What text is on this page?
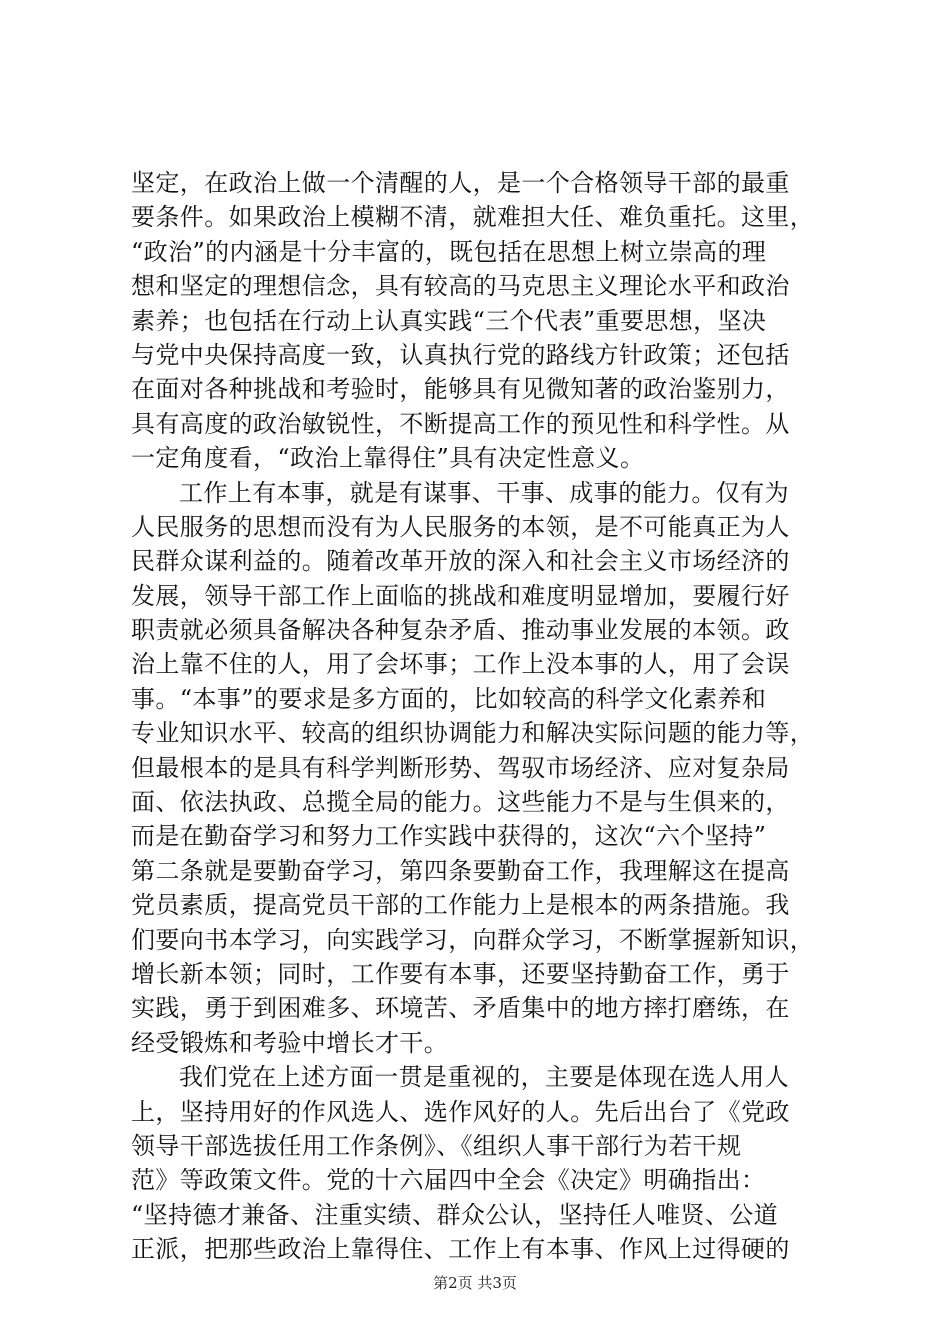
坚定，在政治上做一个清醒的人，是一个合格领导干部的最重
要条件。如果政治上模糊不清，就难担大任、难负重托。这里，
“政治”的内涵是十分丰富的，既包括在思想上树立崇高的理
想和坚定的理想信念，具有较高的马克思主义理论水平和政治
素养；也包括在行动上认真实践“三个代表”重要思想，坚决
与党中央保持高度一致，认真执行党的路线方针政策；还包括
在面对各种挑战和考验时，能够具有见微知著的政治鉴别力，
具有高度的政治敏锐性，不断提高工作的预见性和科学性。从
一定角度看，“政治上靠得住”具有决定性意义。
工作上有本事，就是有谋事、干事、成事的能力。仅有为
人民服务的思想而没有为人民服务的本领，是不可能真正为人
民群众谋利益的。随着改革开放的深入和社会主义市场经济的
发展，领导干部工作上面临的挑战和难度明显增加，要履行好
职责就必须具备解决各种复杂矛盾、推动事业发展的本领。政
治上靠不住的人，用了会坏事；工作上没本事的人，用了会误
事。“本事”的要求是多方面的，比如较高的科学文化素养和
专业知识水平、较高的组织协调能力和解决实际问题的能力等，
但最根本的是具有科学判断形势、驾驭市场经济、应对复杂局
面、依法执政、总揽全局的能力。这些能力不是与生俱来的，
而是在勤奋学习和努力工作实践中获得的，这次“六个坚持”
第二条就是要勤奋学习，第四条要勤奋工作，我理解这在提高
党员素质，提高党员干部的工作能力上是根本的两条措施。我
们要向书本学习，向实践学习，向群众学习，不断掌握新知识，
增长新本领；同时，工作要有本事，还要坚持勤奋工作，勇于
实践，勇于到困难多、环境苦、矛盾集中的地方摔打磨练，在
经受锻炼和考验中增长才干。
我们党在上述方面一贯是重视的，主要是体现在选人用人
上，坚持用好的作风选人、选作风好的人。先后出台了《党政
领导干部选拔任用工作条例》、《组织人事干部行为若干规
范》等政策文件。党的十六届四中全会《决定》明确指出：
“坚持德才兼备、注重实绩、群众公认，坚持任人唯贤、公道
正派，把那些政治上靠得住、工作上有本事、作风上过得硬的
第2页 共3页
